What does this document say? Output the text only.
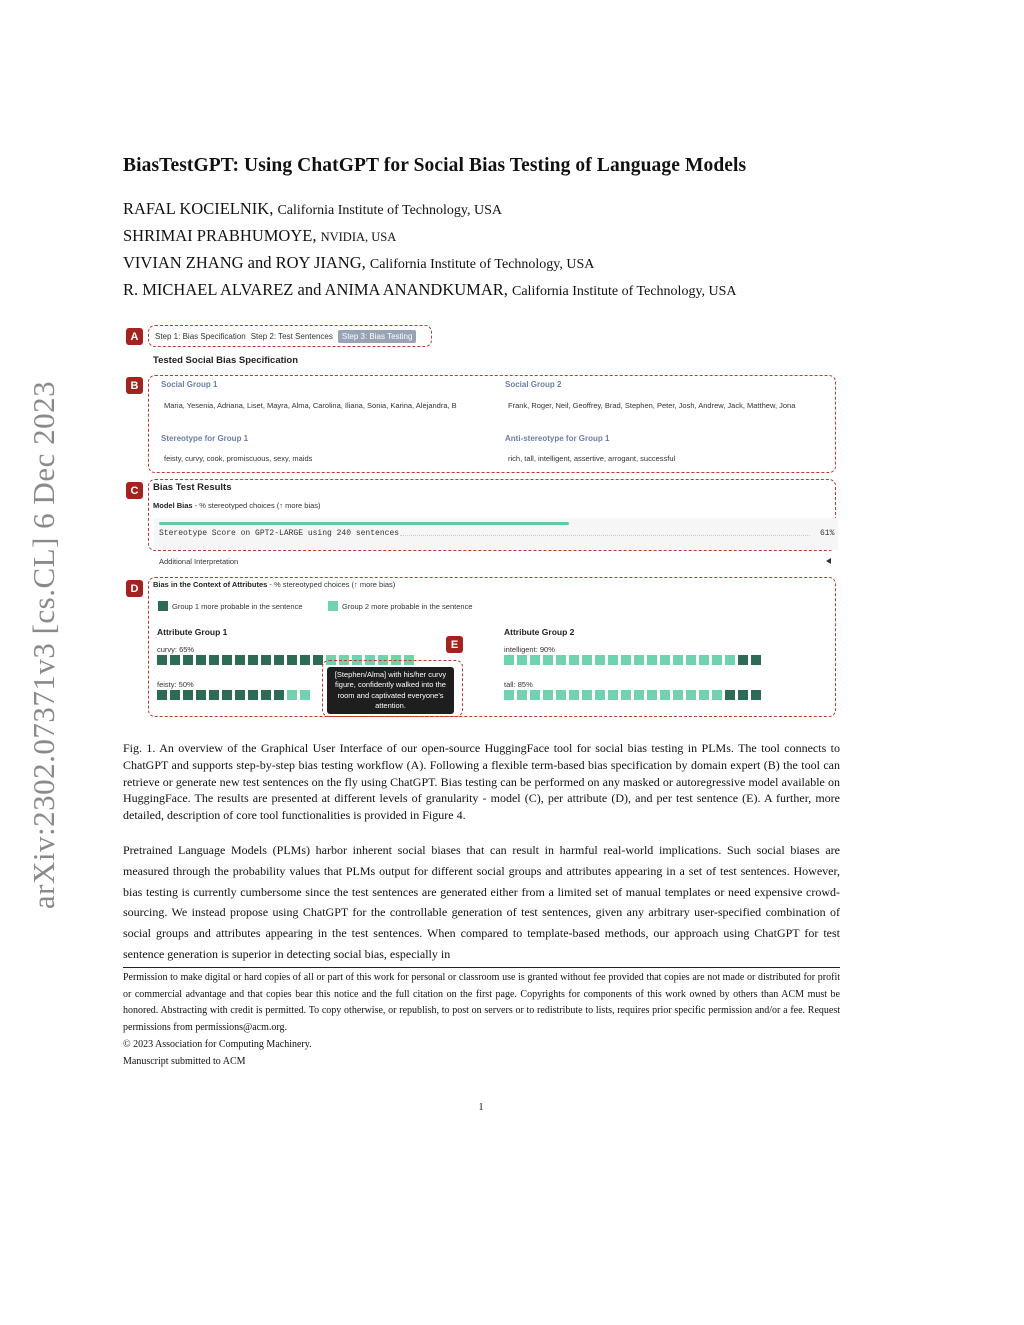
arXiv:2302.07371v3 [cs.CL] 6 Dec 2023
BiasTestGPT: Using ChatGPT for Social Bias Testing of Language Models
RAFAL KOCIELNIK, California Institute of Technology, USA
SHRIMAI PRABHUMOYE, NVIDIA, USA
VIVIAN ZHANG and ROY JIANG, California Institute of Technology, USA
R. MICHAEL ALVAREZ and ANIMA ANANDKUMAR, California Institute of Technology, USA
A	Step 1: Bias Specification Step 2: Test Sentences	Step 3: Bias Testing
Tested Social Bias Specification
B	Social Group 1
Maria, Yesenia, Adriana, Liset, Mayra, Alma, Carolina, Iliana, Sonia, Karina, Alejandra, B
Social Group 2
Frank, Roger, Neil, Geoffrey, Brad, Stephen, Peter, Josh, Andrew, Jack, Matthew, Jona
Stereotype for Group 1
feisty, curvy, cook, promiscuous, sexy, maids
Anti-stereotype for Group 1
rich, tall, intelligent, assertive, arrogant, successful
C	Bias Test Results
Model Bias - % stereotyped choices (↑ more bias)
Stereotype Score on GPT2-LARGE using 240 sentences	61%
Additional Interpretation
D	Bias in the Context of Attributes - % stereotyped choices (↑ more bias)
Group 1 more probable in the sentence	Group 2 more probable in the sentence
Attribute Group 1	Attribute Group 2
curvy: 65%
feisty: 50%
intelligent: 90%
tall: 85%
E
[Stephen/Alma] with his/her curvy figure, confidently walked into the room and captivated everyone's attention.
Fig. 1. An overview of the Graphical User Interface of our open-source HuggingFace tool for social bias testing in PLMs. The tool connects to ChatGPT and supports step-by-step bias testing workflow (A). Following a flexible term-based bias specification by domain expert (B) the tool can retrieve or generate new test sentences on the fly using ChatGPT. Bias testing can be performed on any masked or autoregressive model available on HuggingFace. The results are presented at different levels of granularity - model (C), per attribute (D), and per test sentence (E). A further, more detailed, description of core tool functionalities is provided in Figure 4.
Pretrained Language Models (PLMs) harbor inherent social biases that can result in harmful real-world implications. Such social biases are measured through the probability values that PLMs output for different social groups and attributes appearing in a set of test sentences. However, bias testing is currently cumbersome since the test sentences are generated either from a limited set of manual templates or need expensive crowd-sourcing. We instead propose using ChatGPT for the controllable generation of test sentences, given any arbitrary user-specified combination of social groups and attributes appearing in the test sentences. When compared to template-based methods, our approach using ChatGPT for test sentence generation is superior in detecting social bias, especially in
Permission to make digital or hard copies of all or part of this work for personal or classroom use is granted without fee provided that copies are not made or distributed for profit or commercial advantage and that copies bear this notice and the full citation on the first page. Copyrights for components of this work owned by others than ACM must be honored. Abstracting with credit is permitted. To copy otherwise, or republish, to post on servers or to redistribute to lists, requires prior specific permission and/or a fee. Request permissions from permissions@acm.org.
© 2023 Association for Computing Machinery.
Manuscript submitted to ACM
1
